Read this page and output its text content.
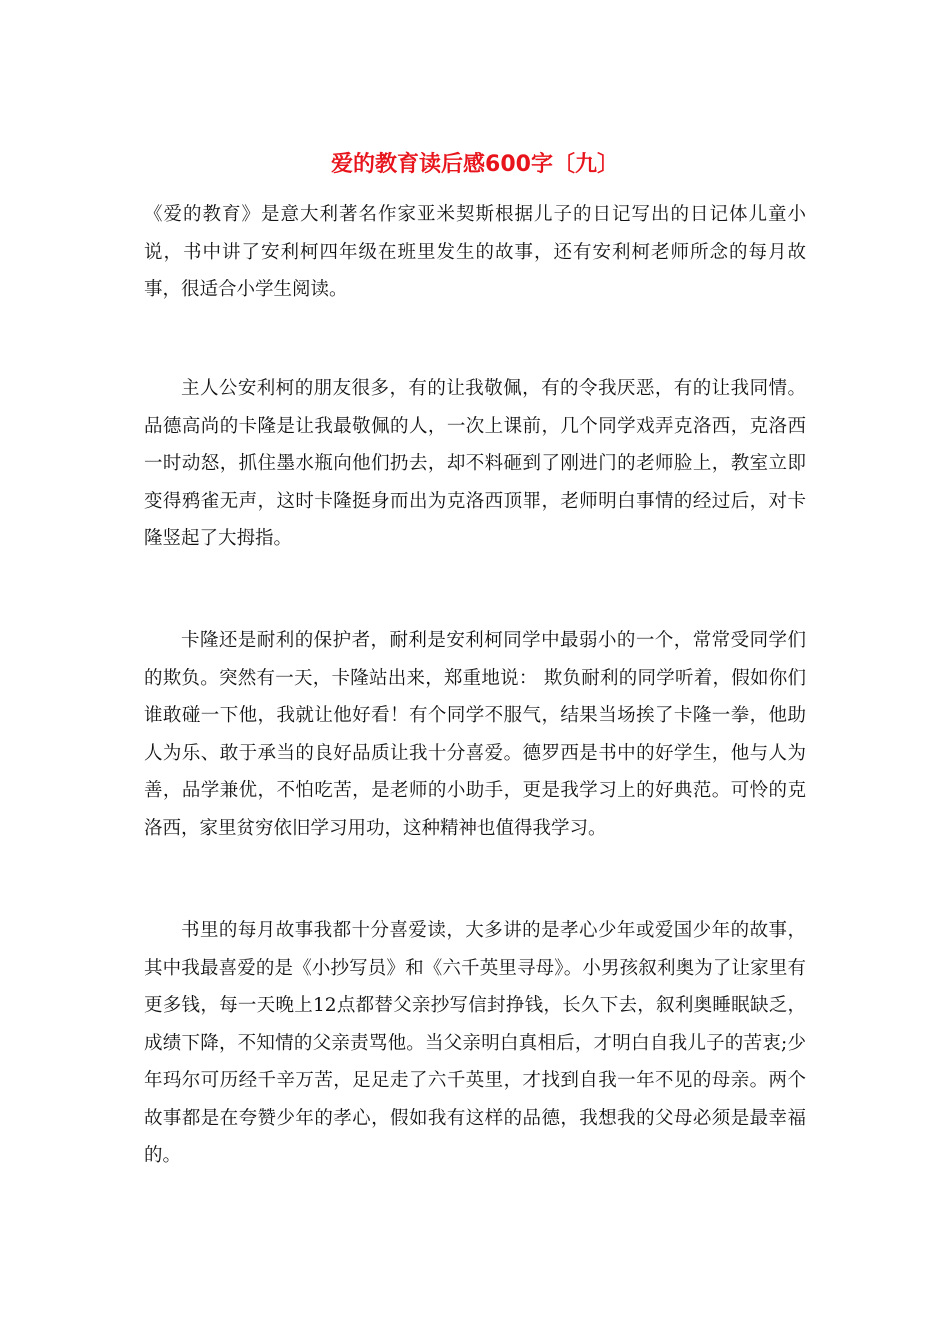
爱的教育读后感600字〔九〕

《爱的教育》是意大利著名作家亚米契斯根据儿子的日记写出的日记体儿童小说，书中讲了安利柯四年级在班里发生的故事，还有安利柯老师所念的每月故事，很适合小学生阅读。

主人公安利柯的朋友很多，有的让我敬佩，有的令我厌恶，有的让我同情。品德高尚的卡隆是让我最敬佩的人，一次上课前，几个同学戏弄克洛西，克洛西一时动怒，抓住墨水瓶向他们扔去，却不料砸到了刚进门的老师脸上，教室立即变得鸦雀无声，这时卡隆挺身而出为克洛西顶罪，老师明白事情的经过后，对卡隆竖起了大拇指。

卡隆还是耐利的保护者，耐利是安利柯同学中最弱小的一个，常常受同学们的欺负。突然有一天，卡隆站出来，郑重地说： 欺负耐利的同学听着，假如你们谁敢碰一下他，我就让他好看！有个同学不服气，结果当场挨了卡隆一拳，他助人为乐、敢于承当的良好品质让我十分喜爱。德罗西是书中的好学生，他与人为善，品学兼优，不怕吃苦，是老师的小助手，更是我学习上的好典范。可怜的克洛西，家里贫穷依旧学习用功，这种精神也值得我学习。

书里的每月故事我都十分喜爱读，大多讲的是孝心少年或爱国少年的故事，其中我最喜爱的是《小抄写员》和《六千英里寻母》。小男孩叙利奥为了让家里有更多钱，每一天晚上12点都替父亲抄写信封挣钱，长久下去，叙利奥睡眠缺乏，成绩下降，不知情的父亲责骂他。当父亲明白真相后，才明白自我儿子的苦衷;少年玛尔可历经千辛万苦，足足走了六千英里，才找到自我一年不见的母亲。两个故事都是在夸赞少年的孝心，假如我有这样的品德，我想我的父母必须是最幸福的。
